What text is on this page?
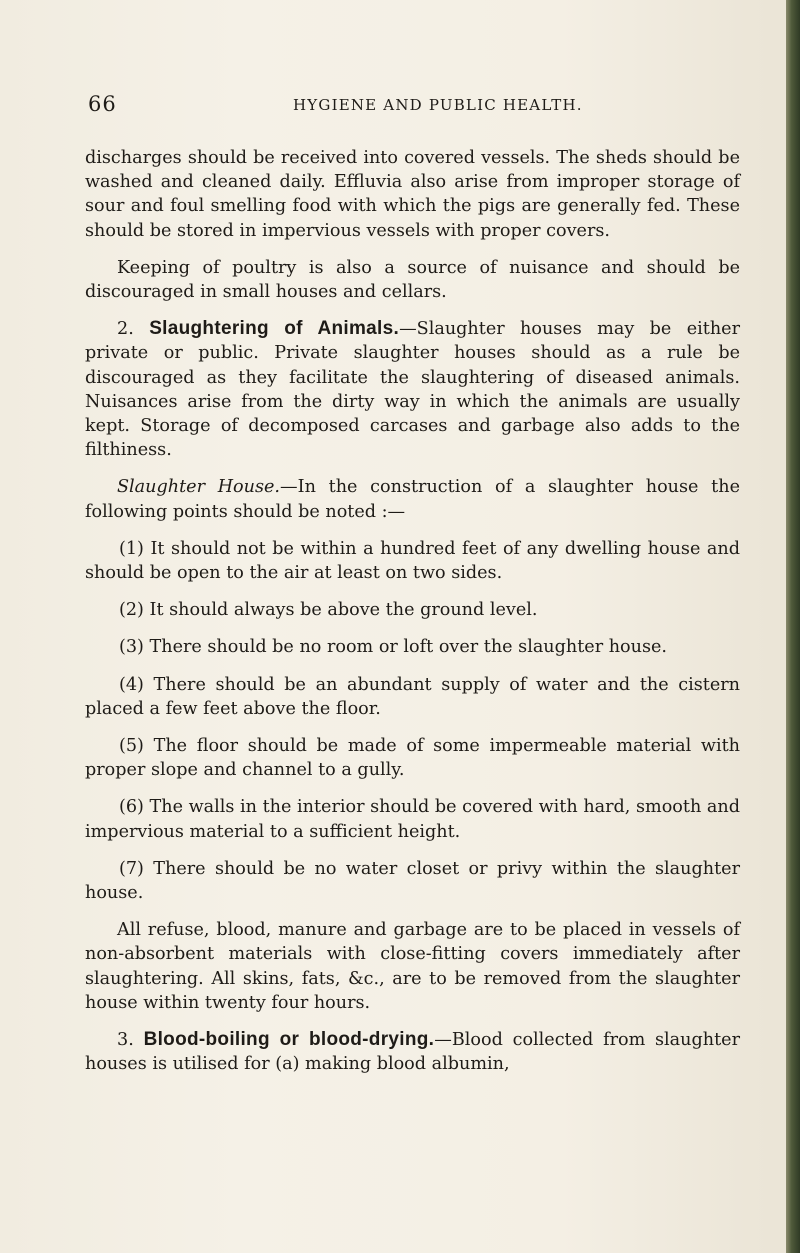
66	HYGIENE AND PUBLIC HEALTH.

discharges should be received into covered vessels. The sheds should be washed and cleaned daily. Effluvia also arise from improper storage of sour and foul smelling food with which the pigs are generally fed. These should be stored in impervious vessels with proper covers.

Keeping of poultry is also a source of nuisance and should be discouraged in small houses and cellars.

2. Slaughtering of Animals.—Slaughter houses may be either private or public. Private slaughter houses should as a rule be discouraged as they facilitate the slaughtering of diseased animals. Nuisances arise from the dirty way in which the animals are usually kept. Storage of decomposed carcases and garbage also adds to the filthiness.

Slaughter House.—In the construction of a slaughter house the following points should be noted :—

(1) It should not be within a hundred feet of any dwelling house and should be open to the air at least on two sides.

(2) It should always be above the ground level.

(3) There should be no room or loft over the slaughter house.

(4) There should be an abundant supply of water and the cistern placed a few feet above the floor.

(5) The floor should be made of some impermeable material with proper slope and channel to a gully.

(6) The walls in the interior should be covered with hard, smooth and impervious material to a sufficient height.

(7) There should be no water closet or privy within the slaughter house.

All refuse, blood, manure and garbage are to be placed in vessels of non-absorbent materials with close-fitting covers immediately after slaughtering. All skins, fats, &c., are to be removed from the slaughter house within twenty four hours.

3. Blood-boiling or blood-drying.—Blood collected from slaughter houses is utilised for (a) making blood albumin,
